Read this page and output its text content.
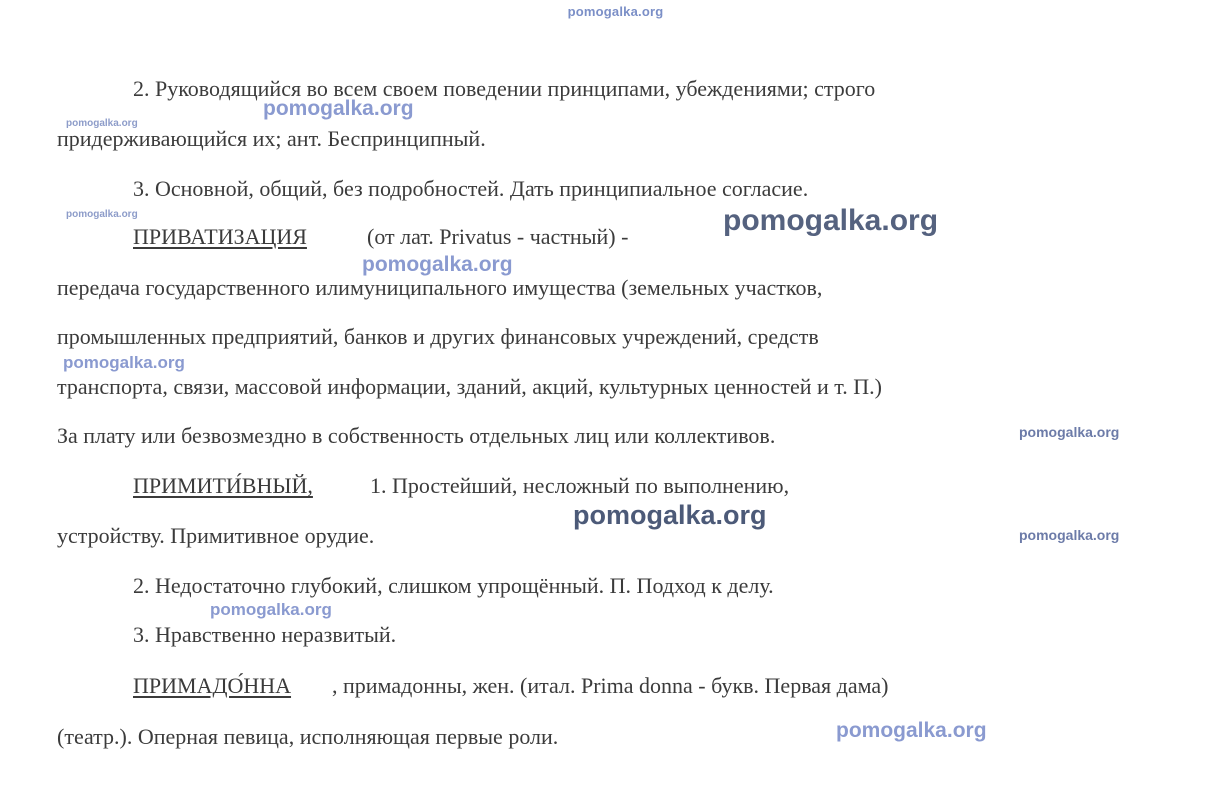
pomogalka.org
2. Руководящийся во всем своем поведении принципами, убеждениями; строго
придерживающийся их; ант. Беспринципный.
3. Основной, общий, без подробностей. Дать принципиальное согласие.
ПРИВАТИЗАЦИЯ	(от лат. Privatus - частный) -
передача государственного илимуниципального имущества (земельных участков,
промышленных предприятий, банков и других финансовых учреждений, средств
транспорта, связи, массовой информации, зданий, акций, культурных ценностей и т. П.)
За плату или безвозмездно в собственность отдельных лиц или коллективов.
ПРИМИТИ́ВНЫЙ,	1. Простейший, несложный по выполнению,
устройству. Примитивное орудие.
2. Недостаточно глубокий, слишком упрощённый. П. Подход к делу.
3. Нравственно неразвитый.
ПРИМАДО́ННА , примадонны, жен. (итал. Prima donna - букв. Первая дама)
(театр.). Оперная певица, исполняющая первые роли.
pomogalka.org
pomogalka.org
pomogalka.org	pomogalka.org
pomogalka.org
pomogalka.org
pomogalka.org
pomogalka.org
pomogalka.org
pomogalka.org
pomogalka.org
